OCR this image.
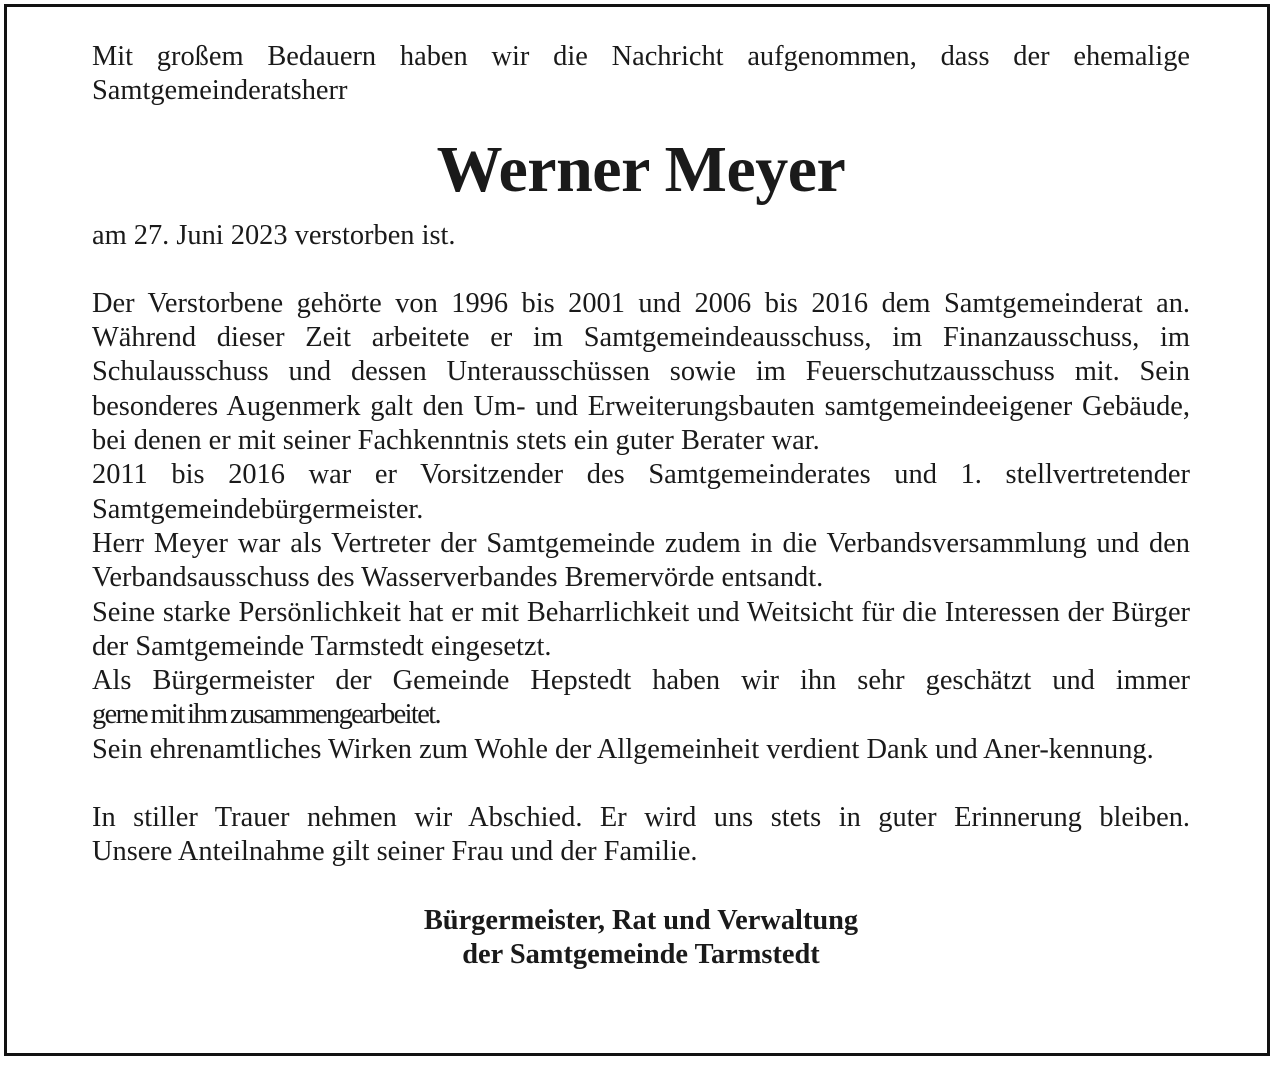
Mit großem Bedauern haben wir die Nachricht aufgenommen, dass der ehemalige
Samtgemeinderatsherr

Werner Meyer

am 27. Juni 2023 verstorben ist.

Der Verstorbene gehörte von 1996 bis 2001 und 2006 bis 2016 dem Samtgemeinderat an. Während dieser Zeit arbeitete er im Samtgemeindeausschuss, im Finanzausschuss, im Schulausschuss und dessen Unterausschüssen sowie im Feuerschutzausschuss mit. Sein besonderes Augenmerk galt den Um- und Erweiterungsbauten samtgemeindeeigener Gebäude, bei denen er mit seiner Fachkenntnis stets ein guter Berater war.

2011 bis 2016 war er Vorsitzender des Samtgemeinderates und 1. stellvertretender Samtgemeindebürgermeister.

Herr Meyer war als Vertreter der Samtgemeinde zudem in die Verbandsversammlung und den Verbandsausschuss des Wasserverbandes Bremervörde entsandt.

Seine starke Persönlichkeit hat er mit Beharrlichkeit und Weitsicht für die Interessen der Bürger der Samtgemeinde Tarmstedt eingesetzt.

Als Bürgermeister der Gemeinde Hepstedt haben wir ihn sehr geschätzt und immer
gerne mit ihm zusammengearbeitet.

Sein ehrenamtliches Wirken zum Wohle der Allgemeinheit verdient Dank und Aner-kennung.

In stiller Trauer nehmen wir Abschied. Er wird uns stets in guter Erinnerung bleiben.
Unsere Anteilnahme gilt seiner Frau und der Familie.

Bürgermeister, Rat und Verwaltung

der Samtgemeinde Tarmstedt
